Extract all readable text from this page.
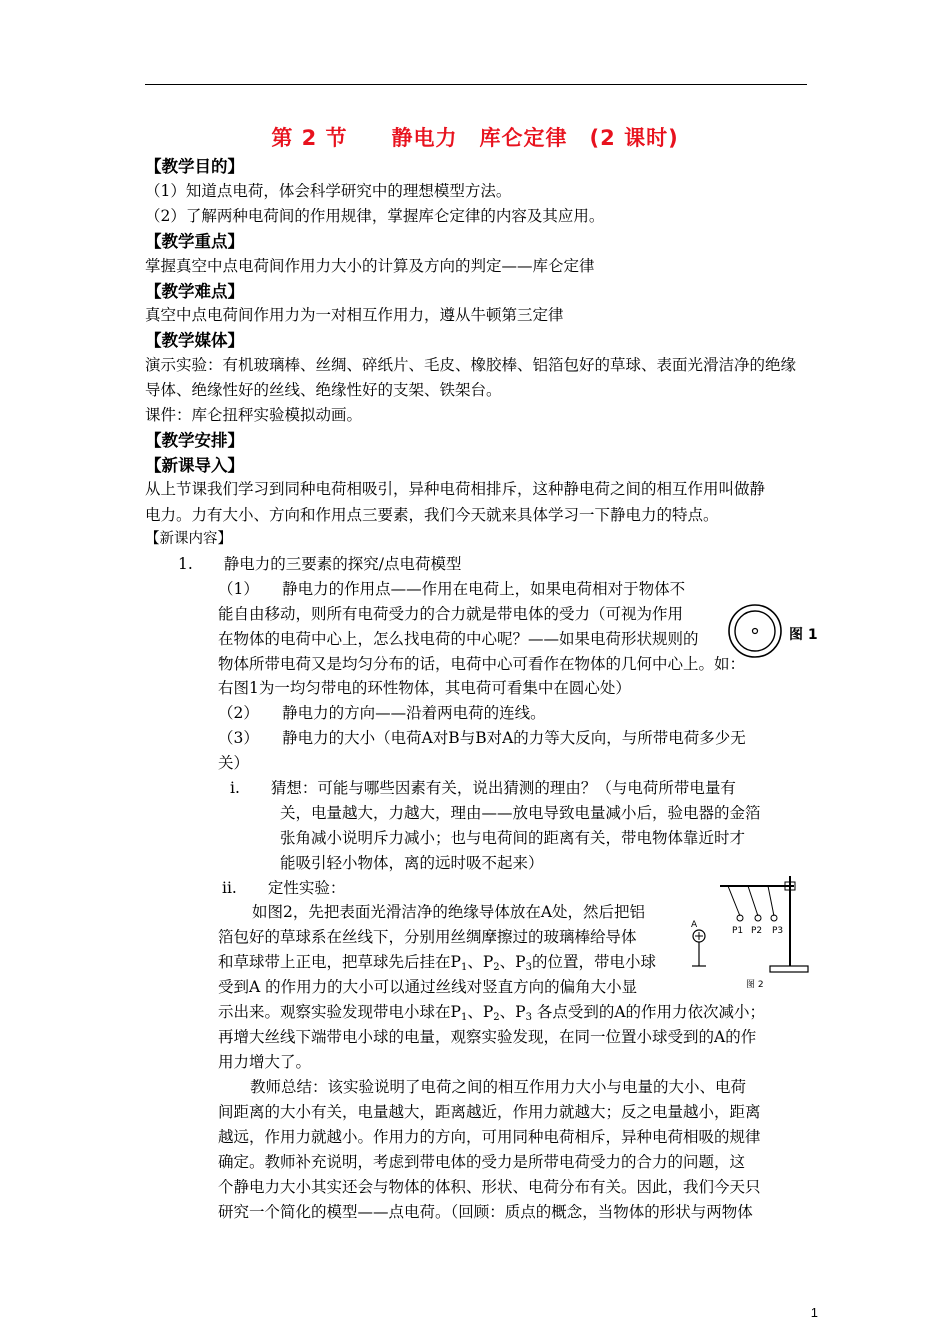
第 2 节　　静电力　库仑定律　(2 课时)
【教学目的】
（1）知道点电荷，体会科学研究中的理想模型方法。
（2）了解两种电荷间的作用规律，掌握库仑定律的内容及其应用。
【教学重点】
掌握真空中点电荷间作用力大小的计算及方向的判定——库仑定律
【教学难点】
真空中点电荷间作用力为一对相互作用力，遵从牛顿第三定律
【教学媒体】
演示实验：有机玻璃棒、丝绸、碎纸片、毛皮、橡胶棒、铝箔包好的草球、表面光滑洁净的绝缘
导体、绝缘性好的丝线、绝缘性好的支架、铁架台。
课件：库仑扭秤实验模拟动画。
【教学安排】
【新课导入】
从上节课我们学习到同种电荷相吸引，异种电荷相排斥，这种静电荷之间的相互作用叫做静
电力。力有大小、方向和作用点三要素，我们今天就来具体学习一下静电力的特点。
【新课内容】
1.　　静电力的三要素的探究/点电荷模型
（1）　　静电力的作用点——作用在电荷上，如果电荷相对于物体不
能自由移动，则所有电荷受力的合力就是带电体的受力（可视为作用
在物体的电荷中心上，怎么找电荷的中心呢？——如果电荷形状规则的
物体所带电荷又是均匀分布的话，电荷中心可看作在物体的几何中心上。如：
右图1为一均匀带电的环性物体，其电荷可看集中在圆心处）
图 1
（2）　　静电力的方向——沿着两电荷的连线。
（3）　　静电力的大小（电荷A对B与B对A的力等大反向，与所带电荷多少无
关）
i.　　猜想：可能与哪些因素有关，说出猜测的理由？（与电荷所带电量有
关，电量越大，力越大，理由——放电导致电量减小后，验电器的金箔
张角减小说明斥力减小；也与电荷间的距离有关，带电物体靠近时才
能吸引轻小物体，离的远时吸不起来）
ii.　　定性实验：
如图2，先把表面光滑洁净的绝缘导体放在A处，然后把铝
箔包好的草球系在丝线下，分别用丝绸摩擦过的玻璃棒给导体
和草球带上正电，把草球先后挂在$P_1$、$P_2$、$P_3$的位置，带电小球
受到A 的作用力的大小可以通过丝线对竖直方向的偏角大小显
示出来。观察实验发现带电小球在$P_1$、$P_2$、$P_3$ 各点受到的A的作用力依次减小；
再增大丝线下端带电小球的电量，观察实验发现，在同一位置小球受到的A的作
用力增大了。
A
P1 P2 P3
图 2
教师总结：该实验说明了电荷之间的相互作用力大小与电量的大小、电荷
间距离的大小有关，电量越大，距离越近，作用力就越大；反之电量越小，距离
越远，作用力就越小。作用力的方向，可用同种电荷相斥，异种电荷相吸的规律
确定。教师补充说明，考虑到带电体的受力是所带电荷受力的合力的问题，这
个静电力大小其实还会与物体的体积、形状、电荷分布有关。因此，我们今天只
研究一个简化的模型——点电荷。（回顾：质点的概念，当物体的形状与两物体
1
